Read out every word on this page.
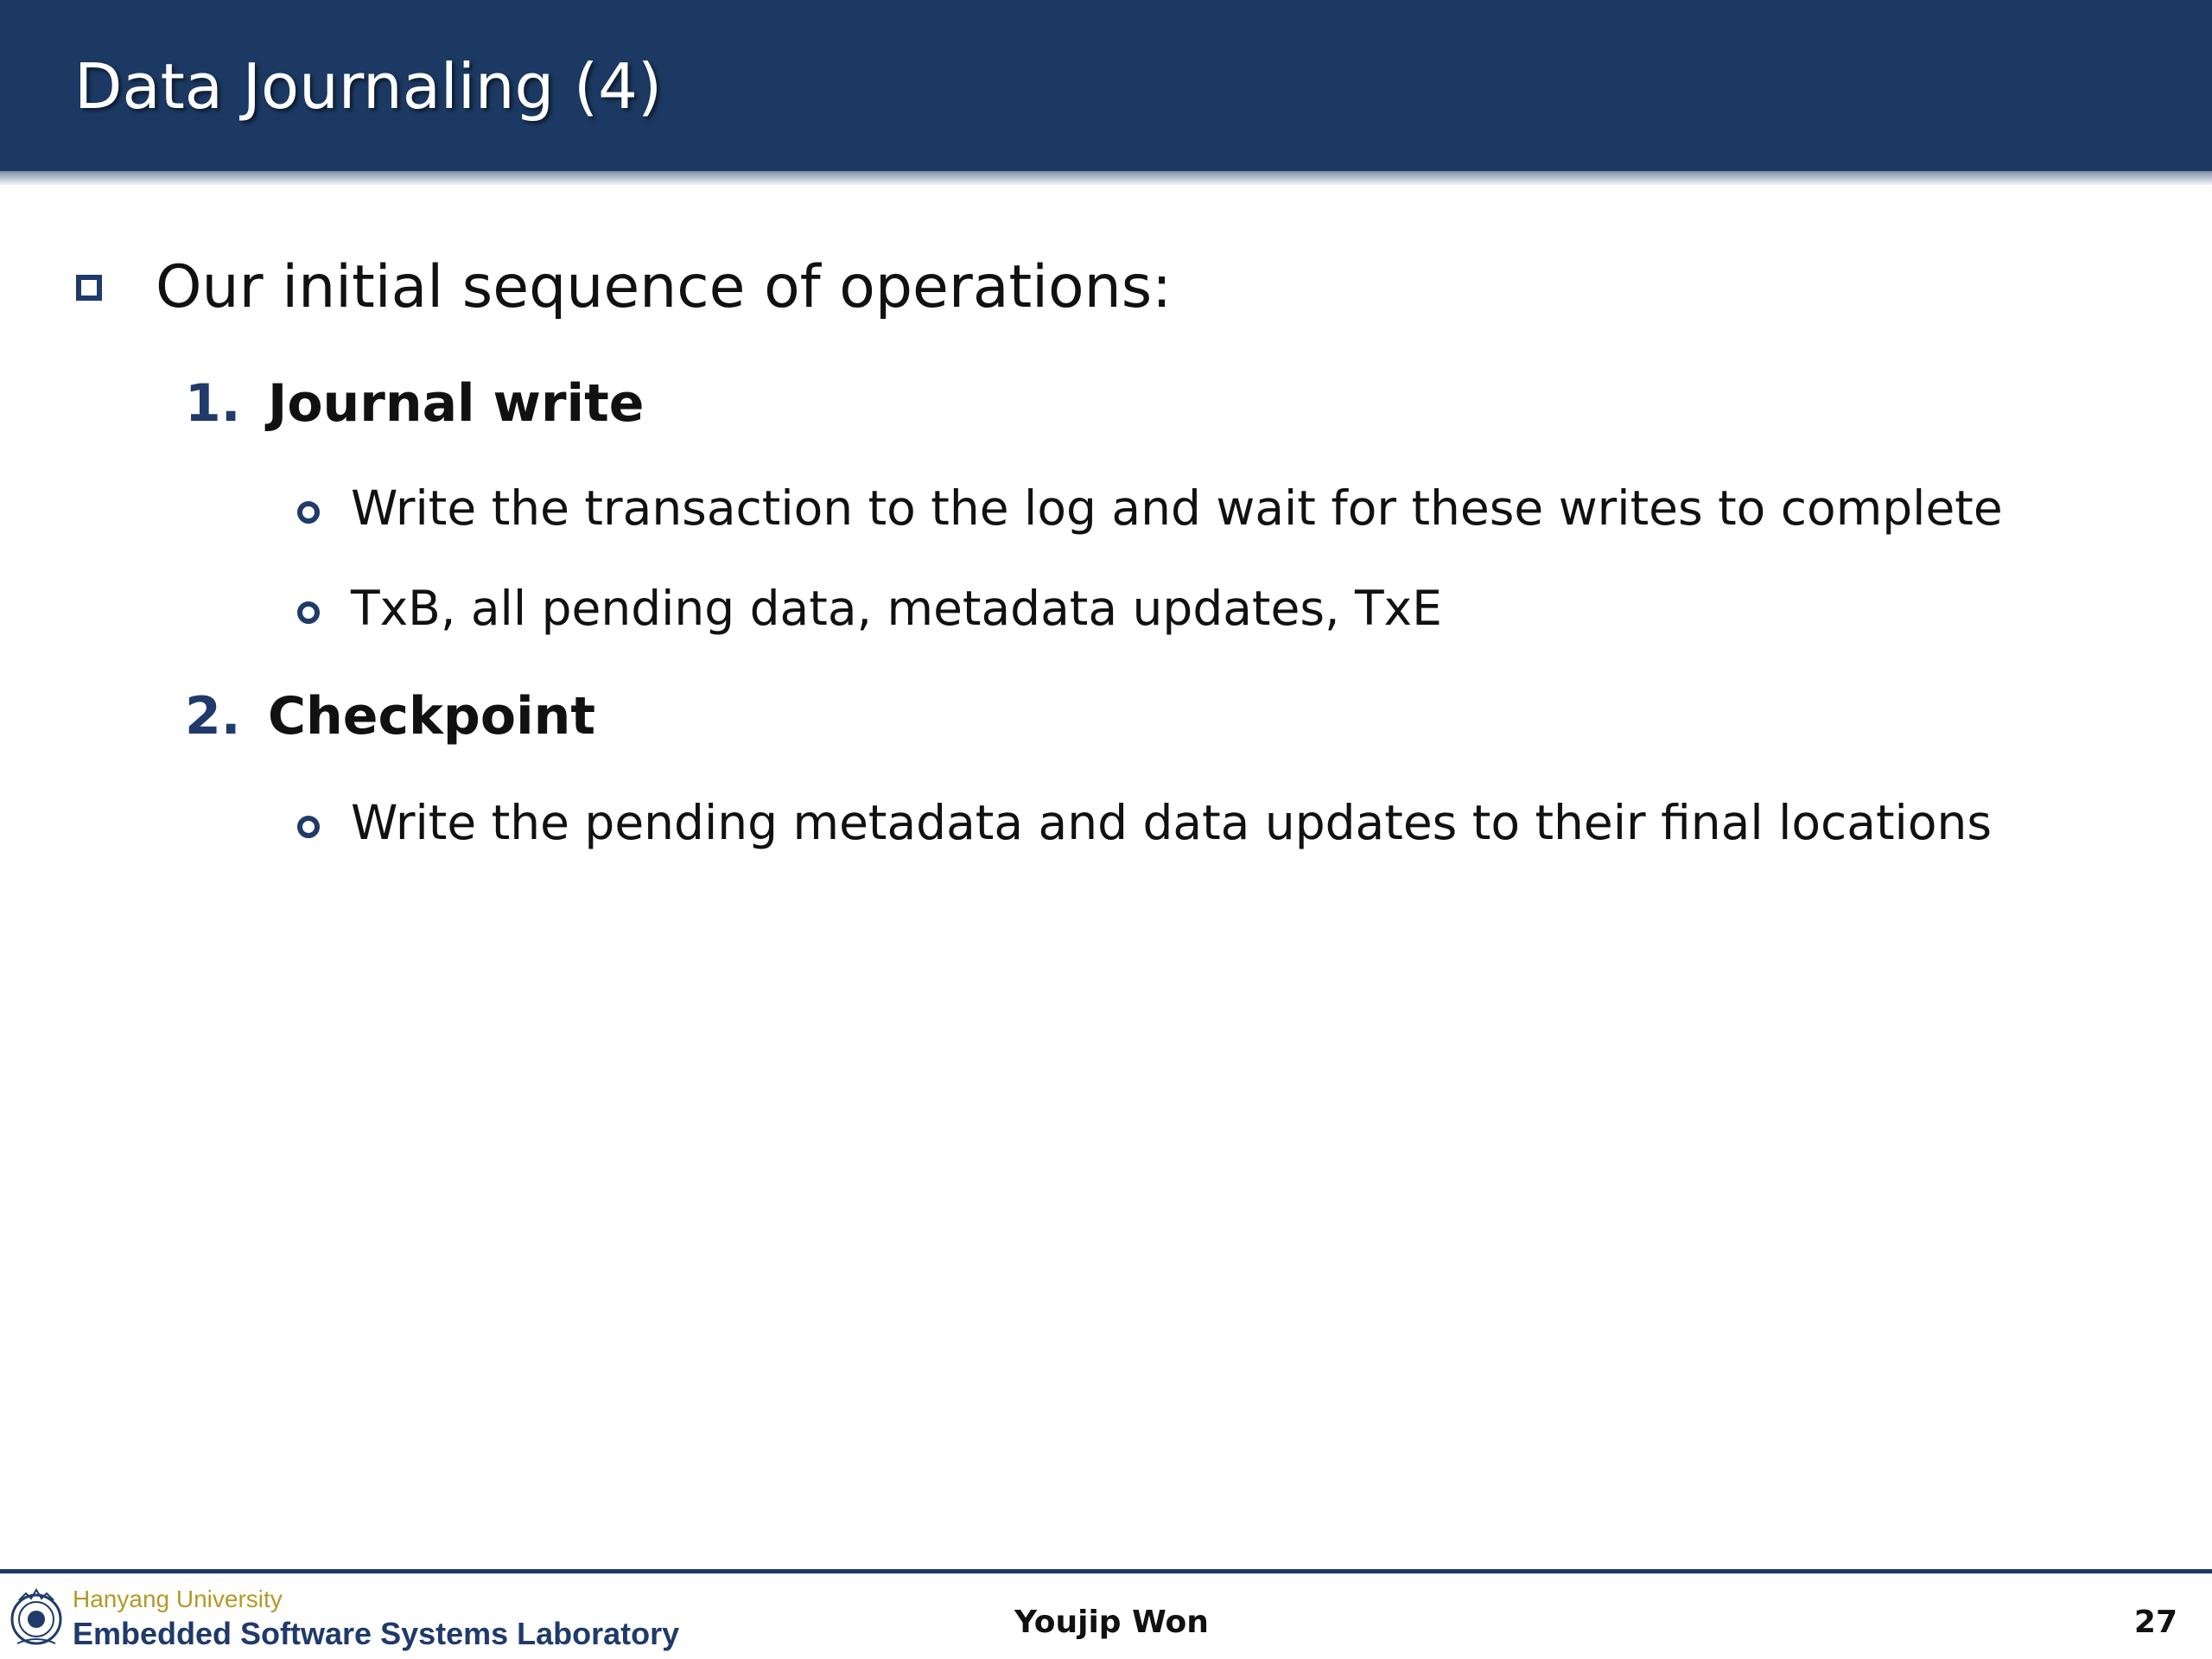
Data Journaling (4)
Our initial sequence of operations:
1. Journal write
Write the transaction to the log and wait for these writes to complete
TxB, all pending data, metadata updates, TxE
2. Checkpoint
Write the pending metadata and data updates to their final locations
Hanyang University
Embedded Software Systems Laboratory	Youjip Won	27
